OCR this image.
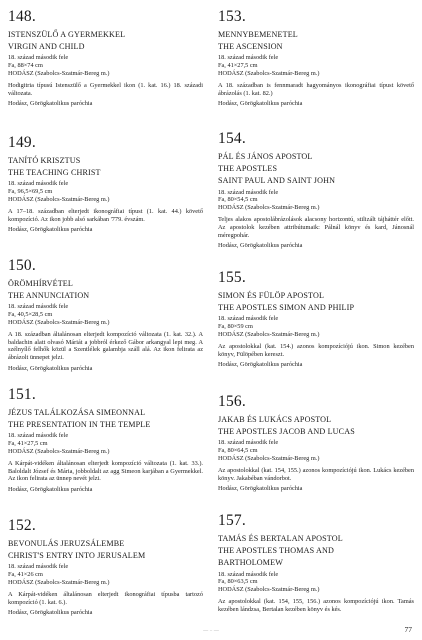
148.
ISTENSZÜLŐ A GYERMEKKEL
VIRGIN AND CHILD
18. század második fele
Fa, 88×74 cm
HODÁSZ (Szabolcs-Szatmár-Bereg m.)
Hodigitria típusú Istenszülő a Gyermekkel ikon (1. kat. 16.) 18. századi változata.
Hodász, Görögkatolikus paróchia
149.
TANÍTÓ KRISZTUS
THE TEACHING CHRIST
18. század második fele
Fa, 96,5×69,5 cm
HODÁSZ (Szabolcs-Szatmár-Bereg m.)
A 17–18. században elterjedt ikonográfiai típust (1. kat. 44.) követő kompozíció. Az ikon jobb alsó sarkában '779. évszám.
Hodász, Görögkatolikus paróchia
150.
ÖRÖMHÍRVÉTEL
THE ANNUNCIATION
18. század második fele
Fa, 40,5×28,5 cm
HODÁSZ (Szabolcs-Szatmár-Bereg m.)
A 18. században általánosan elterjedt kompozíció változata (1. kat. 32.). A baldachin alatt olvasó Máriát a jobbról érkező Gábor arkangyal lepi meg. A szélnyílő felhők közül a Szentlélek galambja száll alá. Az ikon felirata az ábrázolt ünnepet jelzi.
Hodász, Görögkatolikus paróchia
151.
JÉZUS TALÁLKOZÁSA SIMEONNAL
THE PRESENTATION IN THE TEMPLE
18. század második fele
Fa, 41×27,5 cm
HODÁSZ (Szabolcs-Szatmár-Bereg m.)
A Kárpát-vidéken általánosan elterjedt kompozíció változata (1. kat. 33.). Baloldalt József és Mária, jobboldalt az agg Simeon karjában a Gyermekkel. Az ikon felirata az ünnep nevét jelzi.
Hodász, Görögkatolikus paróchia
152.
BEVONULÁS JERUZSÁLEMBE
CHRIST'S ENTRY INTO JERUSALEM
18. század második fele
Fa, 41×26 cm
HODÁSZ (Szabolcs-Szatmár-Bereg m.)
A Kárpát-vidéken általánosan elterjedt ikonográfiai típusba tartozó kompozíció (1. kat. 6.).
Hodász, Görögkatolikus paróchia
153.
MENNYBEMENETEL
THE ASCENSION
18. század második fele
Fa, 41×27,5 cm
HODÁSZ (Szabolcs-Szatmár-Bereg m.)
A 18. században is fennmaradt hagyományos ikonográfiai típust követő ábrázolás (1. kat. 82.)
Hodász, Görögkatolikus paróchia
154.
PÁL ÉS JÁNOS APOSTOL
THE APOSTLES
SAINT PAUL AND SAINT JOHN
18. század második fele
Fa, 80×54,5 cm
HODÁSZ (Szabolcs-Szatmár-Bereg m.)
Teljes alakos apostolábrázolások alacsony horizontú, stilizált tájháttér előtt. Az apostolok kezében attribútumaik: Pálnál könyv és kard, Jánosnál méregpohár.
Hodász, Görögkatolikus paróchia
155.
SIMON ÉS FÜLÖP APOSTOL
THE APOSTLES SIMON AND PHILIP
18. század második fele
Fa, 80×59 cm
HODÁSZ (Szabolcs-Szatmár-Bereg m.)
Az apostolokkal (kat. 154.) azonos kompozíciójú ikon. Simon kezében könyv, Fülöpében kereszt.
Hodász, Görögkatolikus paróchia
156.
JAKAB ÉS LUKÁCS APOSTOL
THE APOSTLES JACOB AND LUCAS
18. század második fele
Fa, 80×64,5 cm
HODÁSZ (Szabolcs-Szatmár-Bereg m.)
Az apostolokkal (kat. 154, 155.) azonos kompozíciójú ikon. Lukács kezében könyv. Jakabéban vándorbot.
Hodász, Görögkatolikus paróchia
157.
TAMÁS ÉS BERTALAN APOSTOL
THE APOSTLES THOMAS AND
BARTHOLOMEW
18. század második fele
Fa, 80×63,5 cm
HODÁSZ (Szabolcs-Szatmár-Bereg m.)
Az apostolokkal (kat. 154, 155, 156.) azonos kompozíciójú ikon. Tamás kezében lándzsa, Bertalan kezében könyv és kés.
— ·· —	77
